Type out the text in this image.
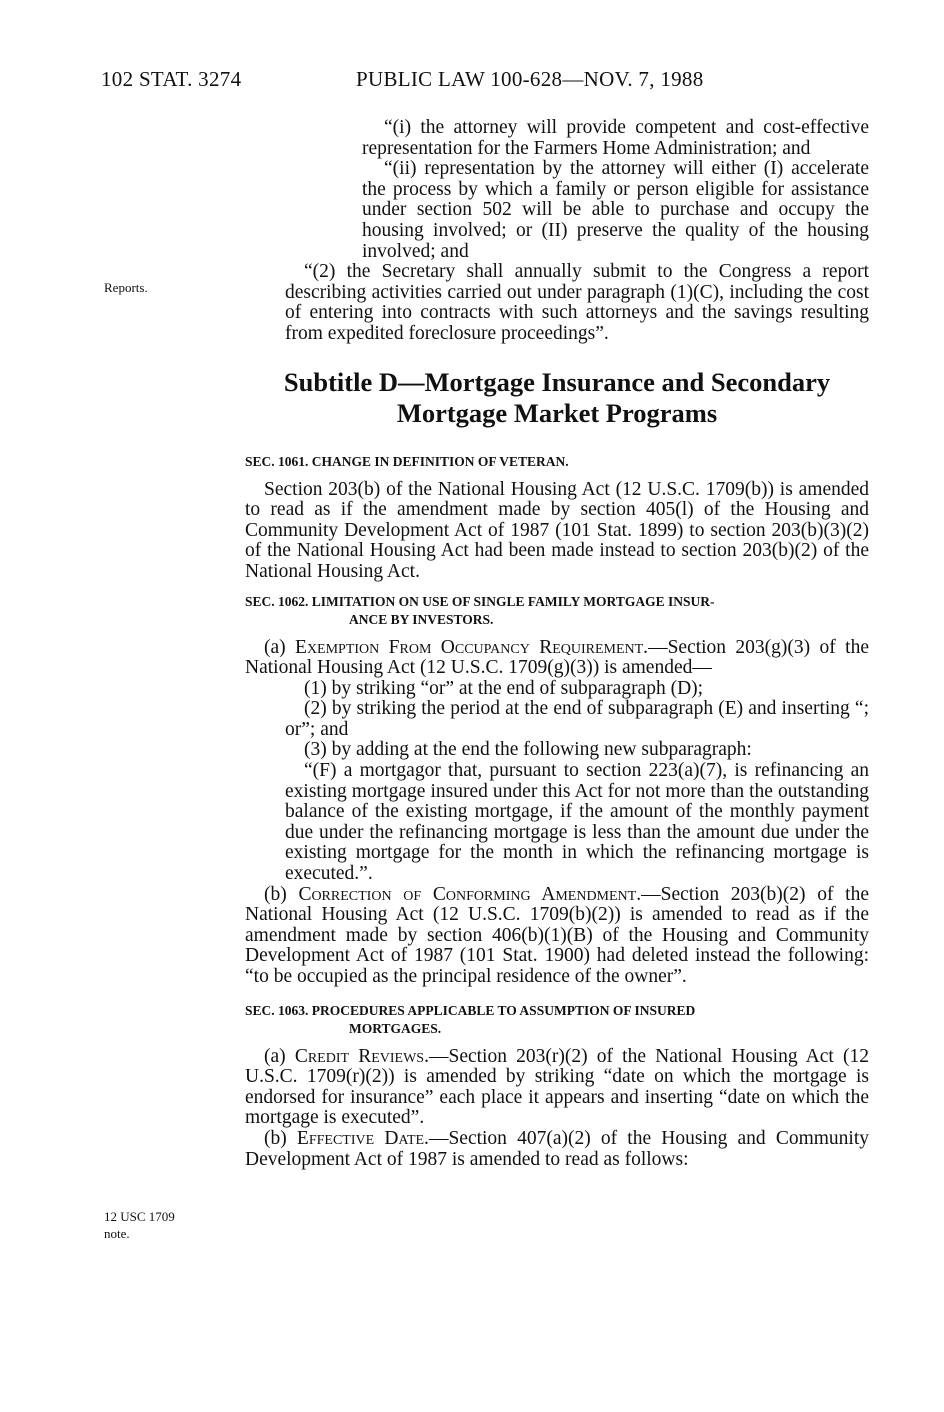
102 STAT. 3274	PUBLIC LAW 100-628—NOV. 7, 1988
Reports.
12 USC 1709
note.

“(i) the attorney will provide competent and cost-effective representation for the Farmers Home Administration; and

“(ii) representation by the attorney will either (I) accelerate the process by which a family or person eligible for assistance under section 502 will be able to purchase and occupy the housing involved; or (II) preserve the quality of the housing involved; and

“(2) the Secretary shall annually submit to the Congress a report describing activities carried out under paragraph (1)(C), including the cost of entering into contracts with such attorneys and the savings resulting from expedited foreclosure proceedings”.

Subtitle D—Mortgage Insurance and Secondary
Mortgage Market Programs

SEC. 1061. CHANGE IN DEFINITION OF VETERAN.

Section 203(b) of the National Housing Act (12 U.S.C. 1709(b)) is amended to read as if the amendment made by section 405(l) of the Housing and Community Development Act of 1987 (101 Stat. 1899) to section 203(b)(3)(2) of the National Housing Act had been made instead to section 203(b)(2) of the National Housing Act.

SEC. 1062. LIMITATION ON USE OF SINGLE FAMILY MORTGAGE INSUR-
ANCE BY INVESTORS.

(a) Exemption From Occupancy Requirement.—Section 203(g)(3) of the National Housing Act (12 U.S.C. 1709(g)(3)) is amended—

(1) by striking “or” at the end of subparagraph (D);

(2) by striking the period at the end of subparagraph (E) and inserting “; or”; and

(3) by adding at the end the following new subparagraph:

“(F) a mortgagor that, pursuant to section 223(a)(7), is refinancing an existing mortgage insured under this Act for not more than the outstanding balance of the existing mortgage, if the amount of the monthly payment due under the refinancing mortgage is less than the amount due under the existing mortgage for the month in which the refinancing mortgage is executed.”.

(b) Correction of Conforming Amendment.—Section 203(b)(2) of the National Housing Act (12 U.S.C. 1709(b)(2)) is amended to read as if the amendment made by section 406(b)(1)(B) of the Housing and Community Development Act of 1987 (101 Stat. 1900) had deleted instead the following: “to be occupied as the principal residence of the owner”.

SEC. 1063. PROCEDURES APPLICABLE TO ASSUMPTION OF INSURED
MORTGAGES.

(a) Credit Reviews.—Section 203(r)(2) of the National Housing Act (12 U.S.C. 1709(r)(2)) is amended by striking “date on which the mortgage is endorsed for insurance” each place it appears and inserting “date on which the mortgage is executed”.

(b) Effective Date.—Section 407(a)(2) of the Housing and Community Development Act of 1987 is amended to read as follows:
